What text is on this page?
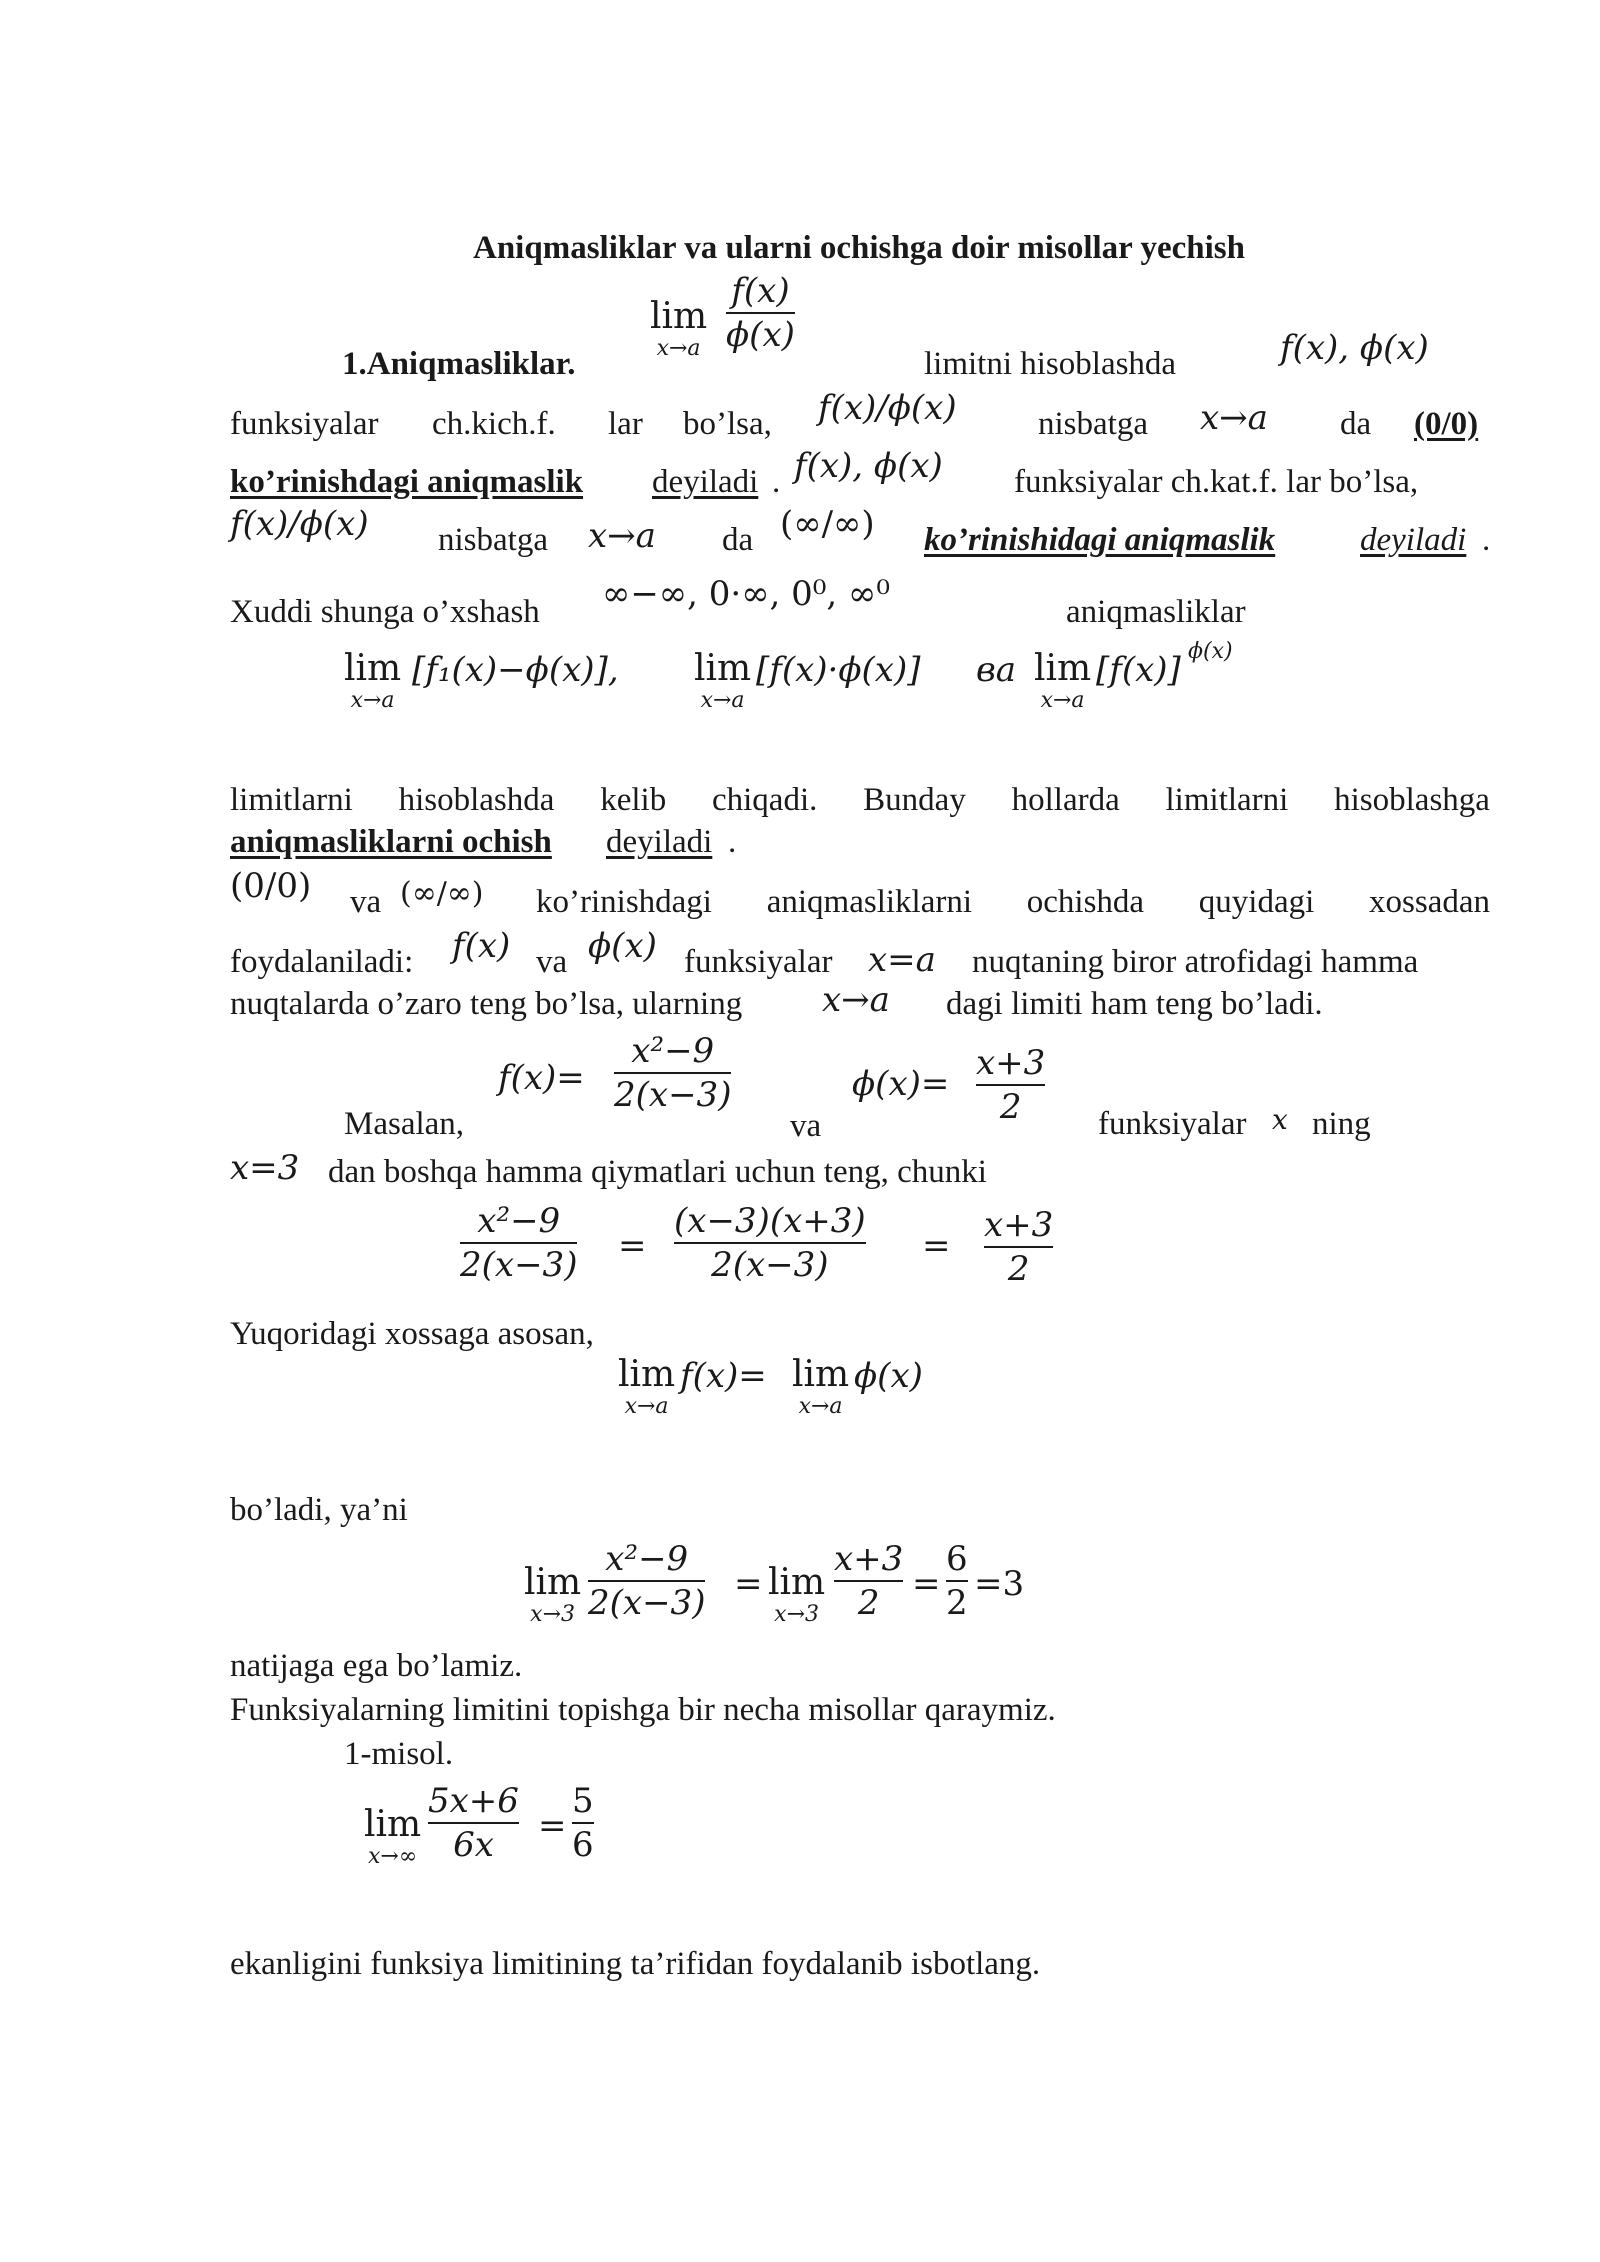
Aniqmasliklar va ularni ochishga doir misollar yechish
1.Aniqmasliklar.
lim
x→a
f(x)
ϕ(x)
limitni hisoblashda	f(x), ϕ(x)
funksiyalar ch.kich.f. lar bo’lsa, f(x)/ϕ(x) nisbatga x→a da (0/0)
ko’rinishdagi aniqmaslik deyiladi . f(x), ϕ(x) funksiyalar ch.kat.f. lar bo’lsa,
f(x)/ϕ(x) nisbatga x→a da (∞/∞) ko’rinishidagi aniqmaslik	deyiladi .
Xuddi shunga o’xshash ∞−∞, 0·∞, 0⁰, ∞⁰	aniqmasliklar
lim
x→a
[f₁(x)−ϕ(x)], lim
x→a
[f(x)·ϕ(x)] ва lim
x→a
[f(x)] ϕ(x)
limitlarni hisoblashda kelib chiqadi. Bunday hollarda limitlarni hisoblashga
aniqmasliklarni ochish deyiladi .
(0/0) va (∞/∞) ko’rinishdagi aniqmasliklarni ochishda quyidagi xossadan
foydalaniladi: f(x) va ϕ(x) funksiyalar x=a nuqtaning biror atrofidagi hamma
nuqtalarda o’zaro teng bo’lsa, ularning x→a dagi limiti ham teng bo’ladi.
Masalan,
f(x)=
x²−9
2(x−3)
va
ϕ(x)=
x+3
2	funksiyalar x ning
x=3 dan boshqa hamma qiymatlari uchun teng, chunki
x²−9
2(x−3) =
(x−3)(x+3)
2(x−3)	=
x+3
2
Yuqoridagi xossaga asosan,
lim
x→a
f(x)= lim
x→a
ϕ(x)
bo’ladi, ya’ni
lim
x→3
x²−9
2(x−3) = lim
x→3
x+3
2 =
6
2 =3
natijaga ega bo’lamiz.
Funksiyalarning limitini topishga bir necha misollar qaraymiz.
1-misol.
lim
x→∞
5x+6
6x	=
5
6
ekanligini funksiya limitining ta’rifidan foydalanib isbotlang.
